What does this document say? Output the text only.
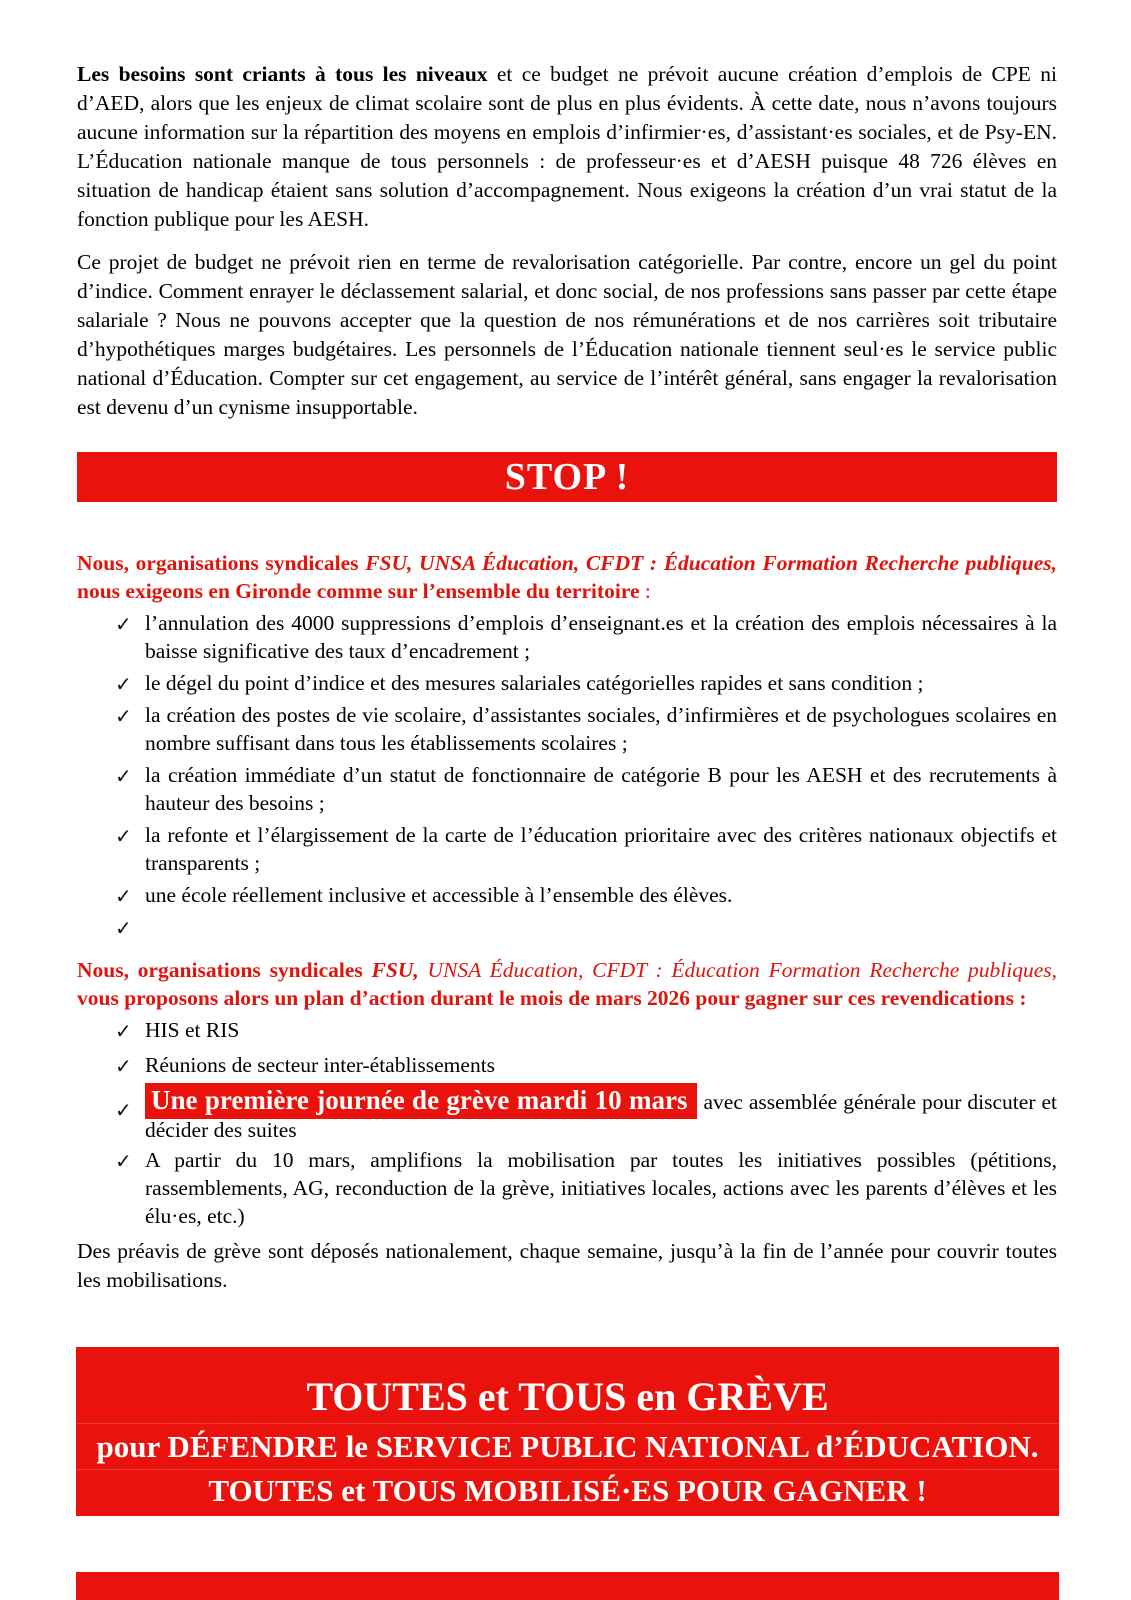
Les besoins sont criants à tous les niveaux et ce budget ne prévoit aucune création d’emplois de CPE ni d’AED, alors que les enjeux de climat scolaire sont de plus en plus évidents. À cette date, nous n’avons toujours aucune information sur la répartition des moyens en emplois d’infirmier·es, d’assistant·es sociales, et de Psy-EN. L’Éducation nationale manque de tous personnels : de professeur·es et d’AESH puisque 48 726 élèves en situation de handicap étaient sans solution d’accompagnement. Nous exigeons la création d’un vrai statut de la fonction publique pour les AESH.

Ce projet de budget ne prévoit rien en terme de revalorisation catégorielle. Par contre, encore un gel du point d’indice. Comment enrayer le déclassement salarial, et donc social, de nos professions sans passer par cette étape salariale ? Nous ne pouvons accepter que la question de nos rémunérations et de nos carrières soit tributaire d’hypothétiques marges budgétaires. Les personnels de l’Éducation nationale tiennent seul·es le service public national d’Éducation. Compter sur cet engagement, au service de l’intérêt général, sans engager la revalorisation est devenu d’un cynisme insupportable.

STOP !
Nous, organisations syndicales FSU, UNSA Éducation, CFDT : Éducation Formation Recherche publiques, nous exigeons en Gironde comme sur l’ensemble du territoire :
✓ l’annulation des 4000 suppressions d’emplois d’enseignant.es et la création des emplois nécessaires à la baisse significative des taux d’encadrement ;
✓ le dégel du point d’indice et des mesures salariales catégorielles rapides et sans condition ;
✓ la création des postes de vie scolaire, d’assistantes sociales, d’infirmières et de psychologues scolaires en nombre suffisant dans tous les établissements scolaires ;
✓ la création immédiate d’un statut de fonctionnaire de catégorie B pour les AESH et des recrutements à hauteur des besoins ;
✓ la refonte et l’élargissement de la carte de l’éducation prioritaire avec des critères nationaux objectifs et transparents ;
✓ une école réellement inclusive et accessible à l’ensemble des élèves.
✓
Nous, organisations syndicales FSU, UNSA Éducation, CFDT : Éducation Formation Recherche publiques, vous proposons alors un plan d’action durant le mois de mars 2026 pour gagner sur ces revendications :
✓ HIS et RIS
✓ Réunions de secteur inter-établissements
✓ Une première journée de grève mardi 10 mars avec assemblée générale pour discuter et décider des suites
✓ A partir du 10 mars, amplifions la mobilisation par toutes les initiatives possibles (pétitions, rassemblements, AG, reconduction de la grève, initiatives locales, actions avec les parents d’élèves et les élu·es, etc.)

Des préavis de grève sont déposés nationalement, chaque semaine, jusqu’à la fin de l’année pour couvrir toutes les mobilisations.

TOUTES et TOUS en GRÈVE
pour DÉFENDRE le SERVICE PUBLIC NATIONAL d’ÉDUCATION.
TOUTES et TOUS MOBILISÉ·ES POUR GAGNER !
